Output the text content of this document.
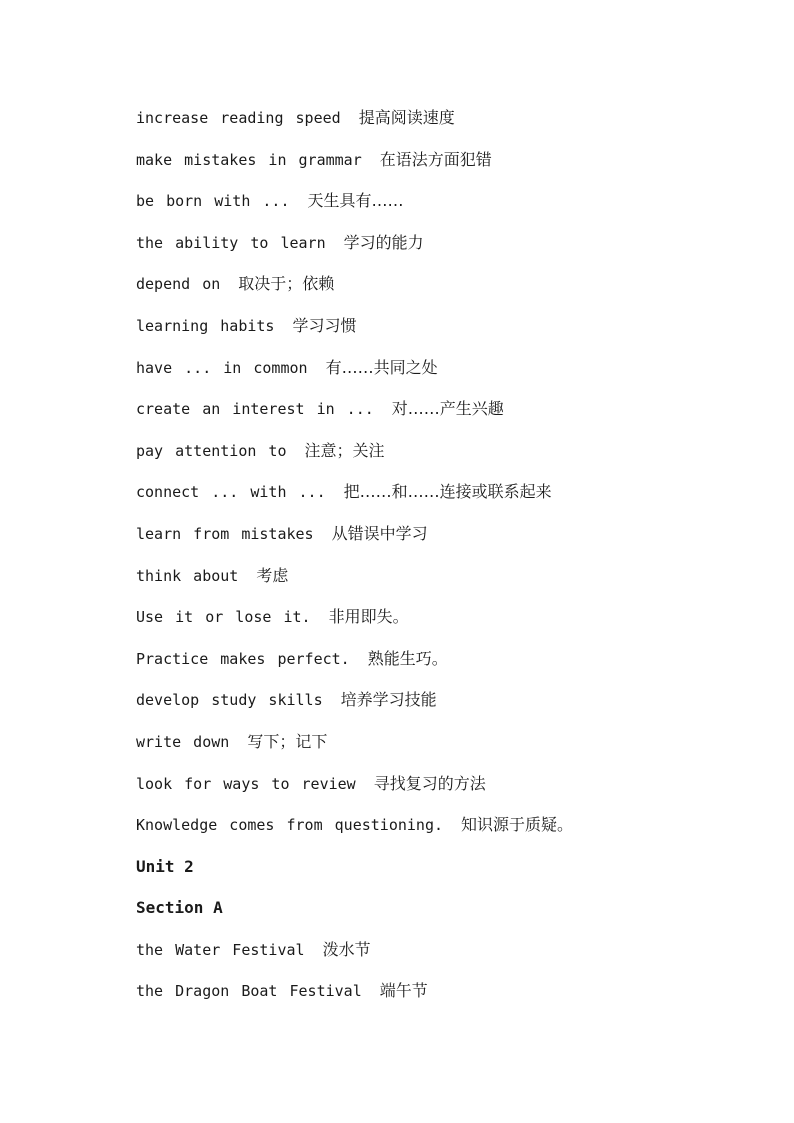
increase reading speed 提高阅读速度
make mistakes in grammar 在语法方面犯错
be born with ... 天生具有……
the ability to learn 学习的能力
depend on 取决于；依赖
learning habits 学习习惯
have ... in common 有……共同之处
create an interest in ... 对……产生兴趣
pay attention to 注意；关注
connect ... with ... 把……和……连接或联系起来
learn from mistakes 从错误中学习
think about 考虑
Use it or lose it. 非用即失。
Practice makes perfect. 熟能生巧。
develop study skills 培养学习技能
write down 写下；记下
look for ways to review 寻找复习的方法
Knowledge comes from questioning. 知识源于质疑。
Unit 2
Section A
the Water Festival 泼水节
the Dragon Boat Festival 端午节
